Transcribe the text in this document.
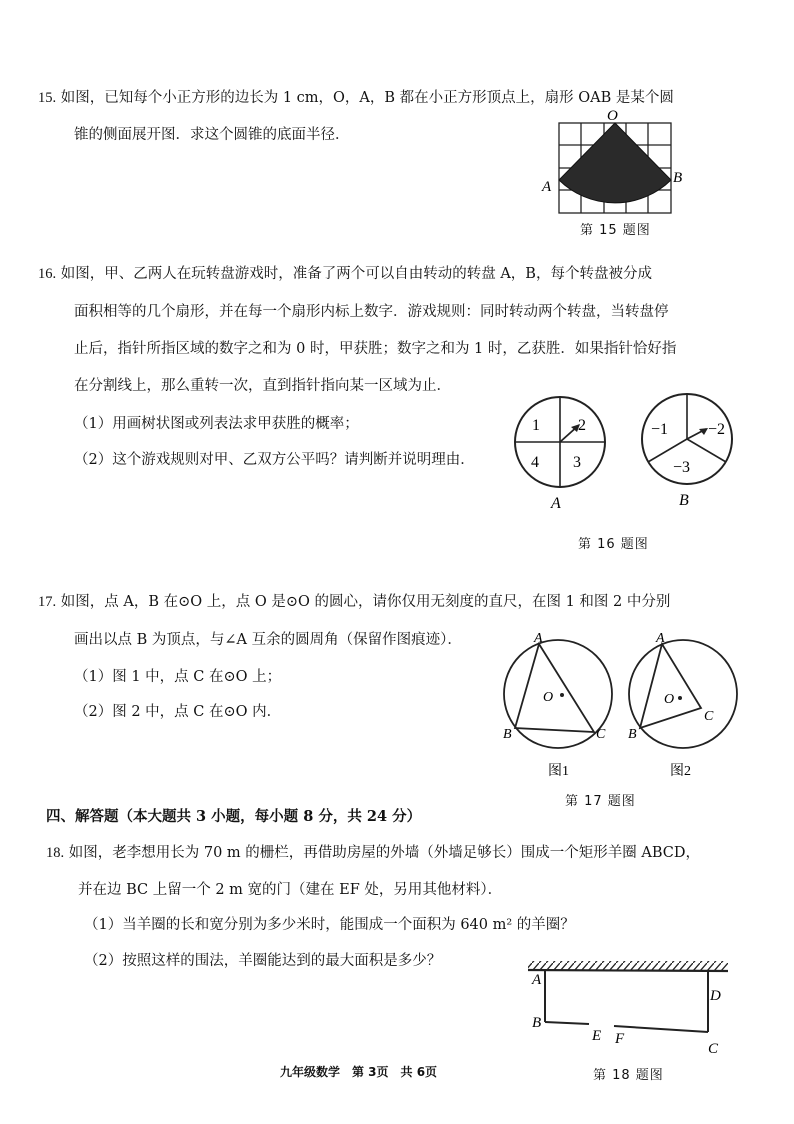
15. 如图，已知每个小正方形的边长为 1 cm，O，A，B 都在小正方形顶点上，扇形 OAB 是某个圆
锥的侧面展开图．求这个圆锥的底面半径．
O
A
B
第 15 题图
16. 如图，甲、乙两人在玩转盘游戏时，准备了两个可以自由转动的转盘 A，B，每个转盘被分成
面积相等的几个扇形，并在每一个扇形内标上数字．游戏规则：同时转动两个转盘，当转盘停
止后，指针所指区域的数字之和为 0 时，甲获胜；数字之和为 1 时，乙获胜．如果指针恰好指
在分割线上，那么重转一次，直到指针指向某一区域为止．
（1）用画树状图或列表法求甲获胜的概率；
（2）这个游戏规则对甲、乙双方公平吗？请判断并说明理由．
1 2
4 3
A
−1 −2
−3
B
第 16 题图
17. 如图，点 A，B 在⊙O 上，点 O 是⊙O 的圆心，请你仅用无刻度的直尺，在图 1 和图 2 中分别
画出以点 B 为顶点，与∠A 互余的圆周角（保留作图痕迹）．
（1）图 1 中，点 C 在⊙O 上；
（2）图 2 中，点 C 在⊙O 内．
A
B	C
O
图1
A
B
C
O
图2
第 17 题图
四、解答题（本大题共 3 小题，每小题 8 分，共 24 分）
18. 如图，老李想用长为 70 m 的栅栏，再借助房屋的外墙（外墙足够长）围成一个矩形羊圈 ABCD，
并在边 BC 上留一个 2 m 宽的门（建在 EF 处，另用其他材料）．
（1）当羊圈的长和宽分别为多少米时，能围成一个面积为 640 m² 的羊圈？
（2）按照这样的围法，羊圈能达到的最大面积是多少？
A
B
E F
D
C
第 18 题图
九年级数学　第 3页　共 6页
